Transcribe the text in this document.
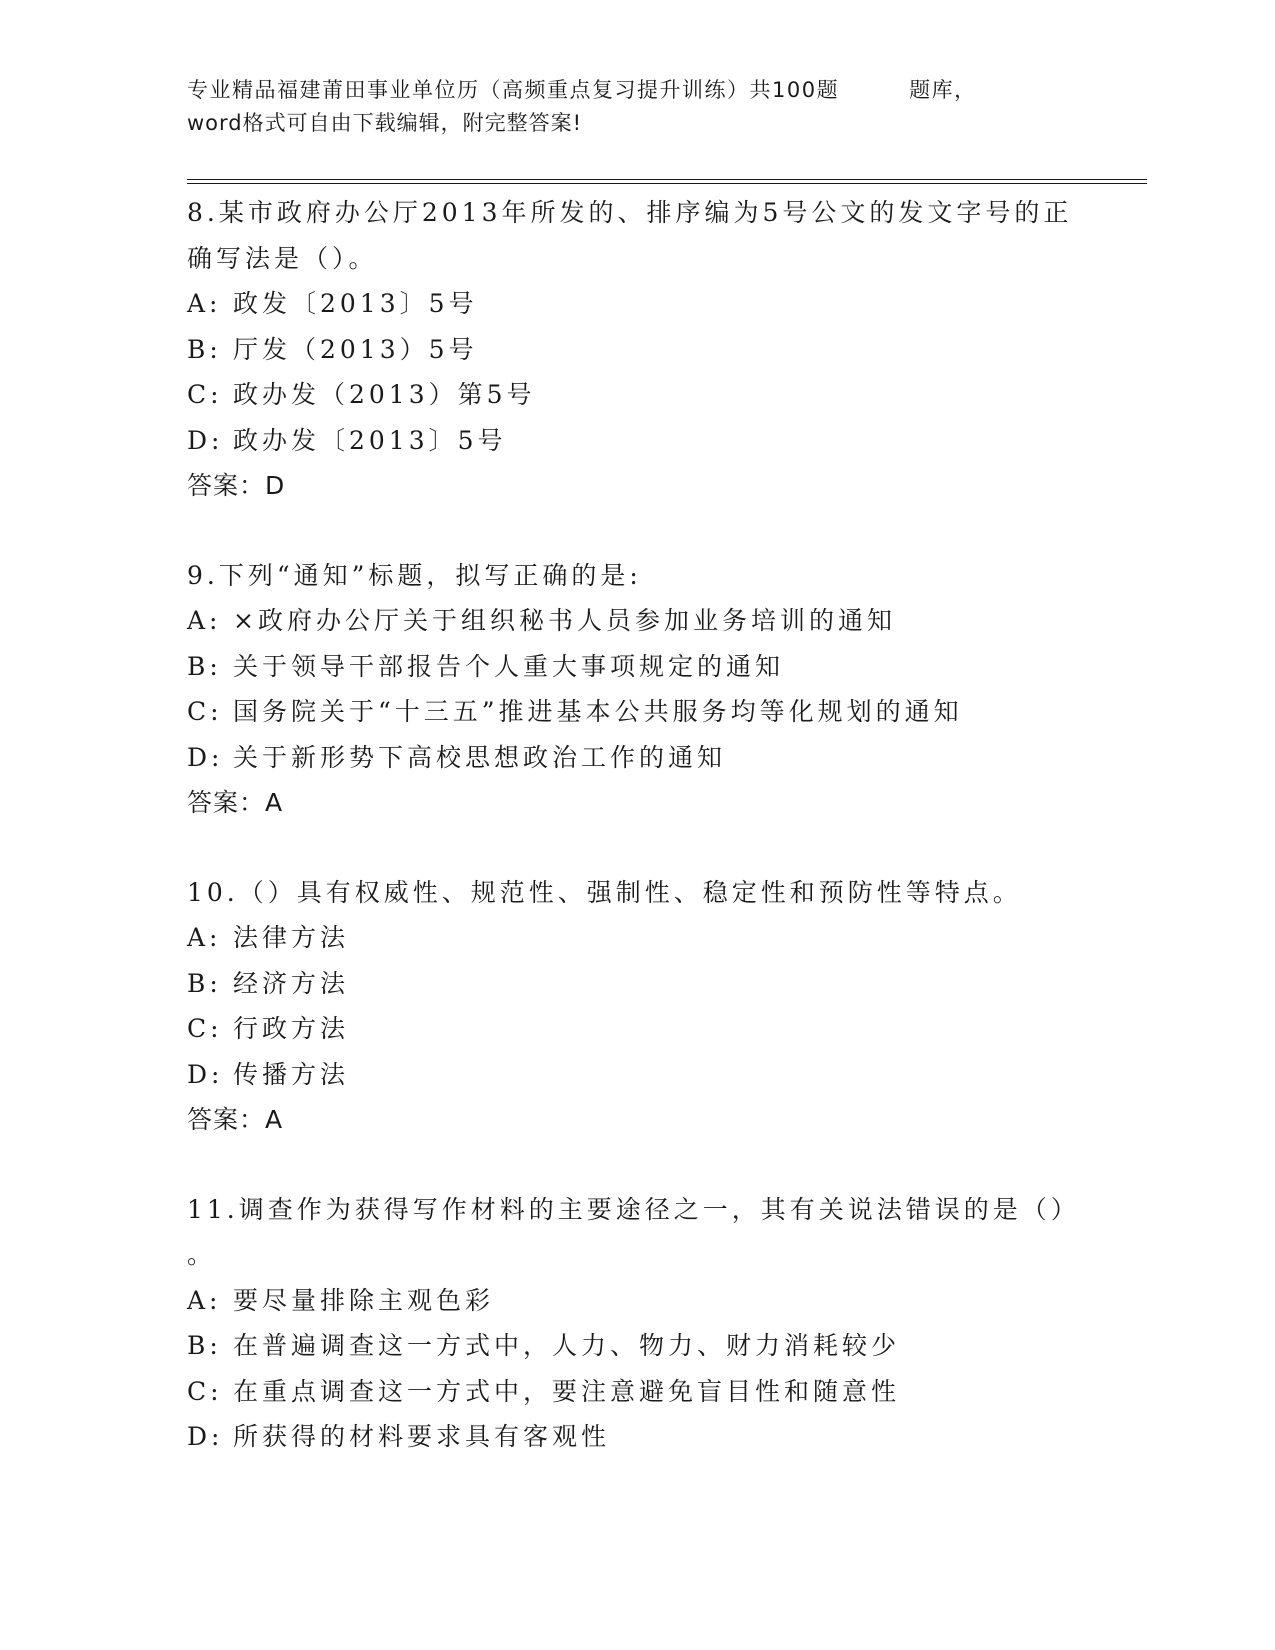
专业精品福建莆田事业单位历（高频重点复习提升训练）共100题	题库，
word格式可自由下载编辑，附完整答案!
8.某市政府办公厅2013年所发的、排序编为5号公文的发文字号的正
确写法是（）。
A: 政发〔2013〕5号
B: 厅发（2013）5号
C: 政办发（2013）第5号
D: 政办发〔2013〕5号
答案：D
9.下列“通知”标题，拟写正确的是:
A: ×政府办公厅关于组织秘书人员参加业务培训的通知
B: 关于领导干部报告个人重大事项规定的通知
C: 国务院关于“十三五”推进基本公共服务均等化规划的通知
D: 关于新形势下高校思想政治工作的通知
答案：A
10.（）具有权威性、规范性、强制性、稳定性和预防性等特点。
A: 法律方法
B: 经济方法
C: 行政方法
D: 传播方法
答案：A
11.调查作为获得写作材料的主要途径之一，其有关说法错误的是（）
。
A: 要尽量排除主观色彩
B: 在普遍调查这一方式中，人力、物力、财力消耗较少
C: 在重点调查这一方式中，要注意避免盲目性和随意性
D: 所获得的材料要求具有客观性
